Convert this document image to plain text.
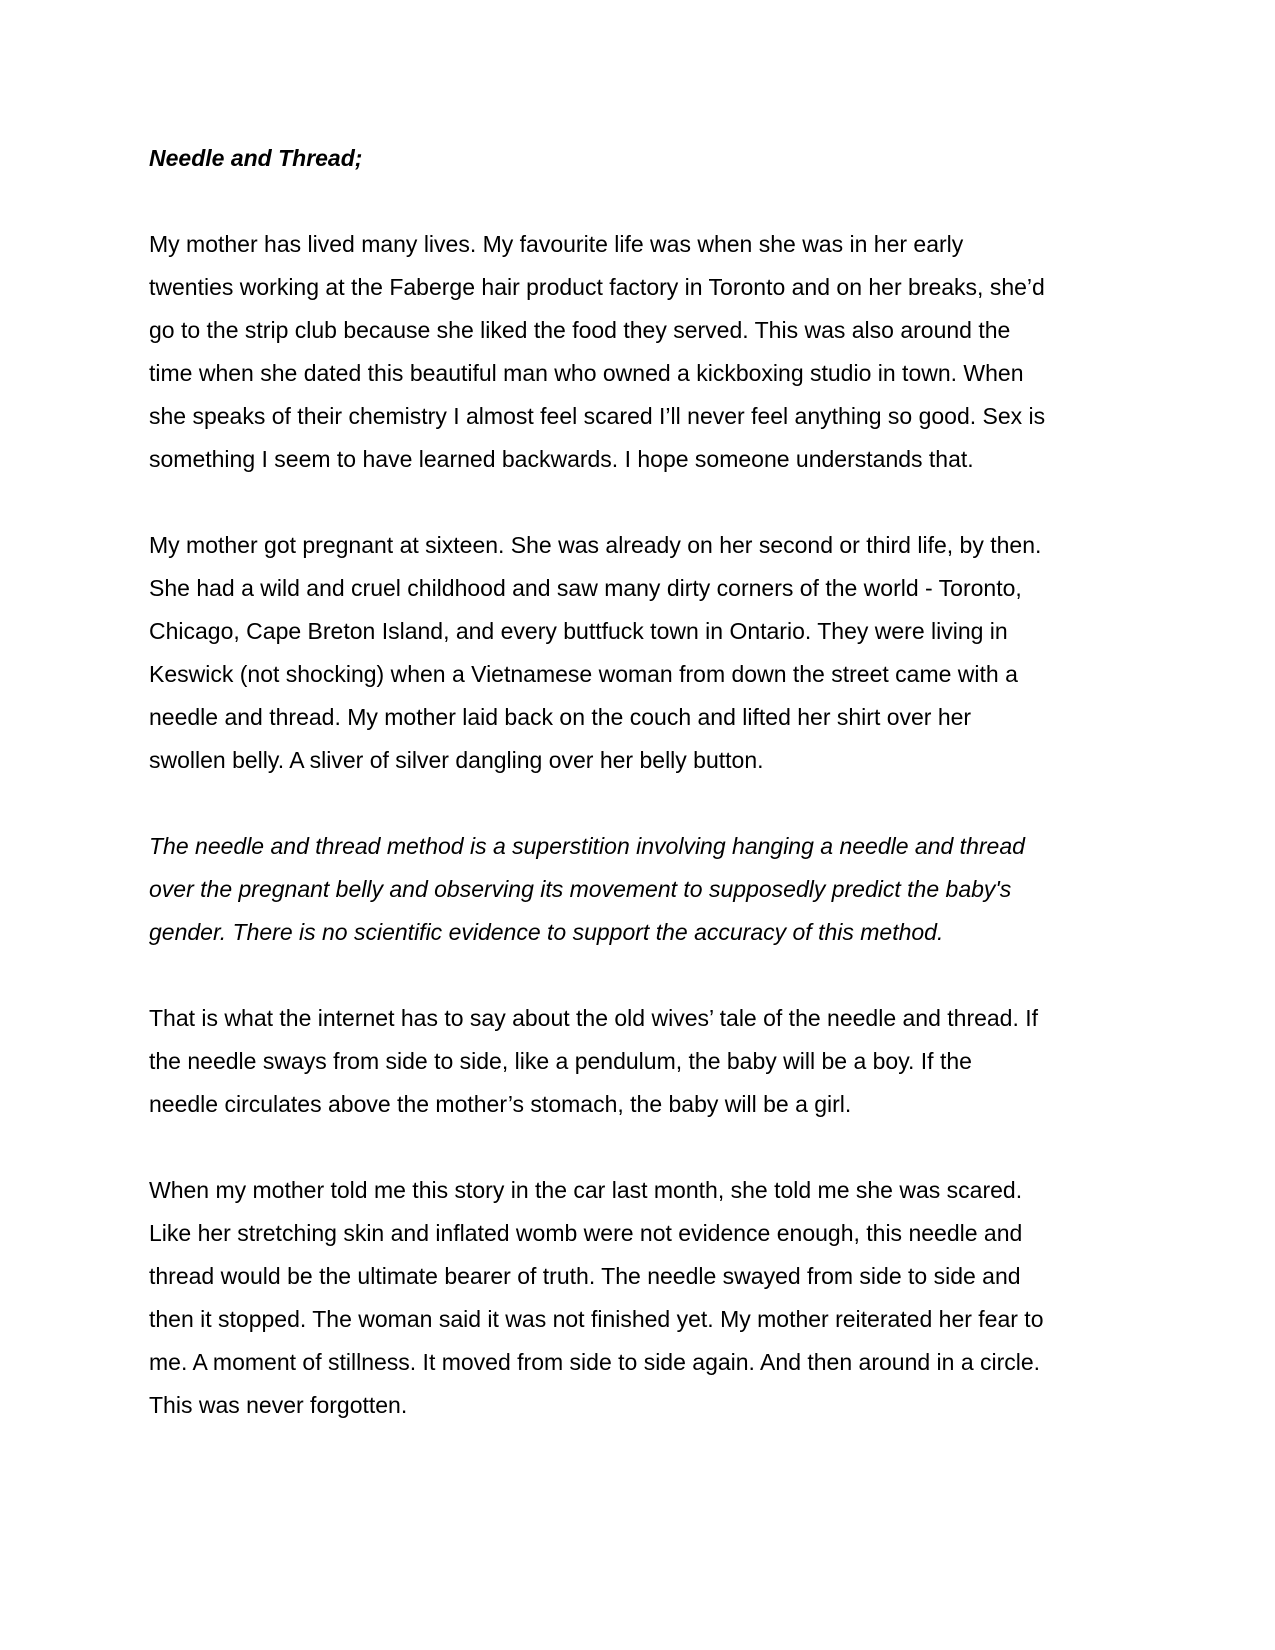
Needle and Thread;
My mother has lived many lives. My favourite life was when she was in her early
twenties working at the Faberge hair product factory in Toronto and on her breaks, she’d
go to the strip club because she liked the food they served. This was also around the
time when she dated this beautiful man who owned a kickboxing studio in town. When
she speaks of their chemistry I almost feel scared I’ll never feel anything so good. Sex is
something I seem to have learned backwards. I hope someone understands that.
My mother got pregnant at sixteen. She was already on her second or third life, by then.
She had a wild and cruel childhood and saw many dirty corners of the world - Toronto,
Chicago, Cape Breton Island, and every buttfuck town in Ontario. They were living in
Keswick (not shocking) when a Vietnamese woman from down the street came with a
needle and thread. My mother laid back on the couch and lifted her shirt over her
swollen belly. A sliver of silver dangling over her belly button.
The needle and thread method is a superstition involving hanging a needle and thread
over the pregnant belly and observing its movement to supposedly predict the baby's
gender. There is no scientific evidence to support the accuracy of this method.
That is what the internet has to say about the old wives’ tale of the needle and thread. If
the needle sways from side to side, like a pendulum, the baby will be a boy. If the
needle circulates above the mother’s stomach, the baby will be a girl.
When my mother told me this story in the car last month, she told me she was scared.
Like her stretching skin and inflated womb were not evidence enough, this needle and
thread would be the ultimate bearer of truth. The needle swayed from side to side and
then it stopped. The woman said it was not finished yet. My mother reiterated her fear to
me. A moment of stillness. It moved from side to side again. And then around in a circle.
This was never forgotten.
